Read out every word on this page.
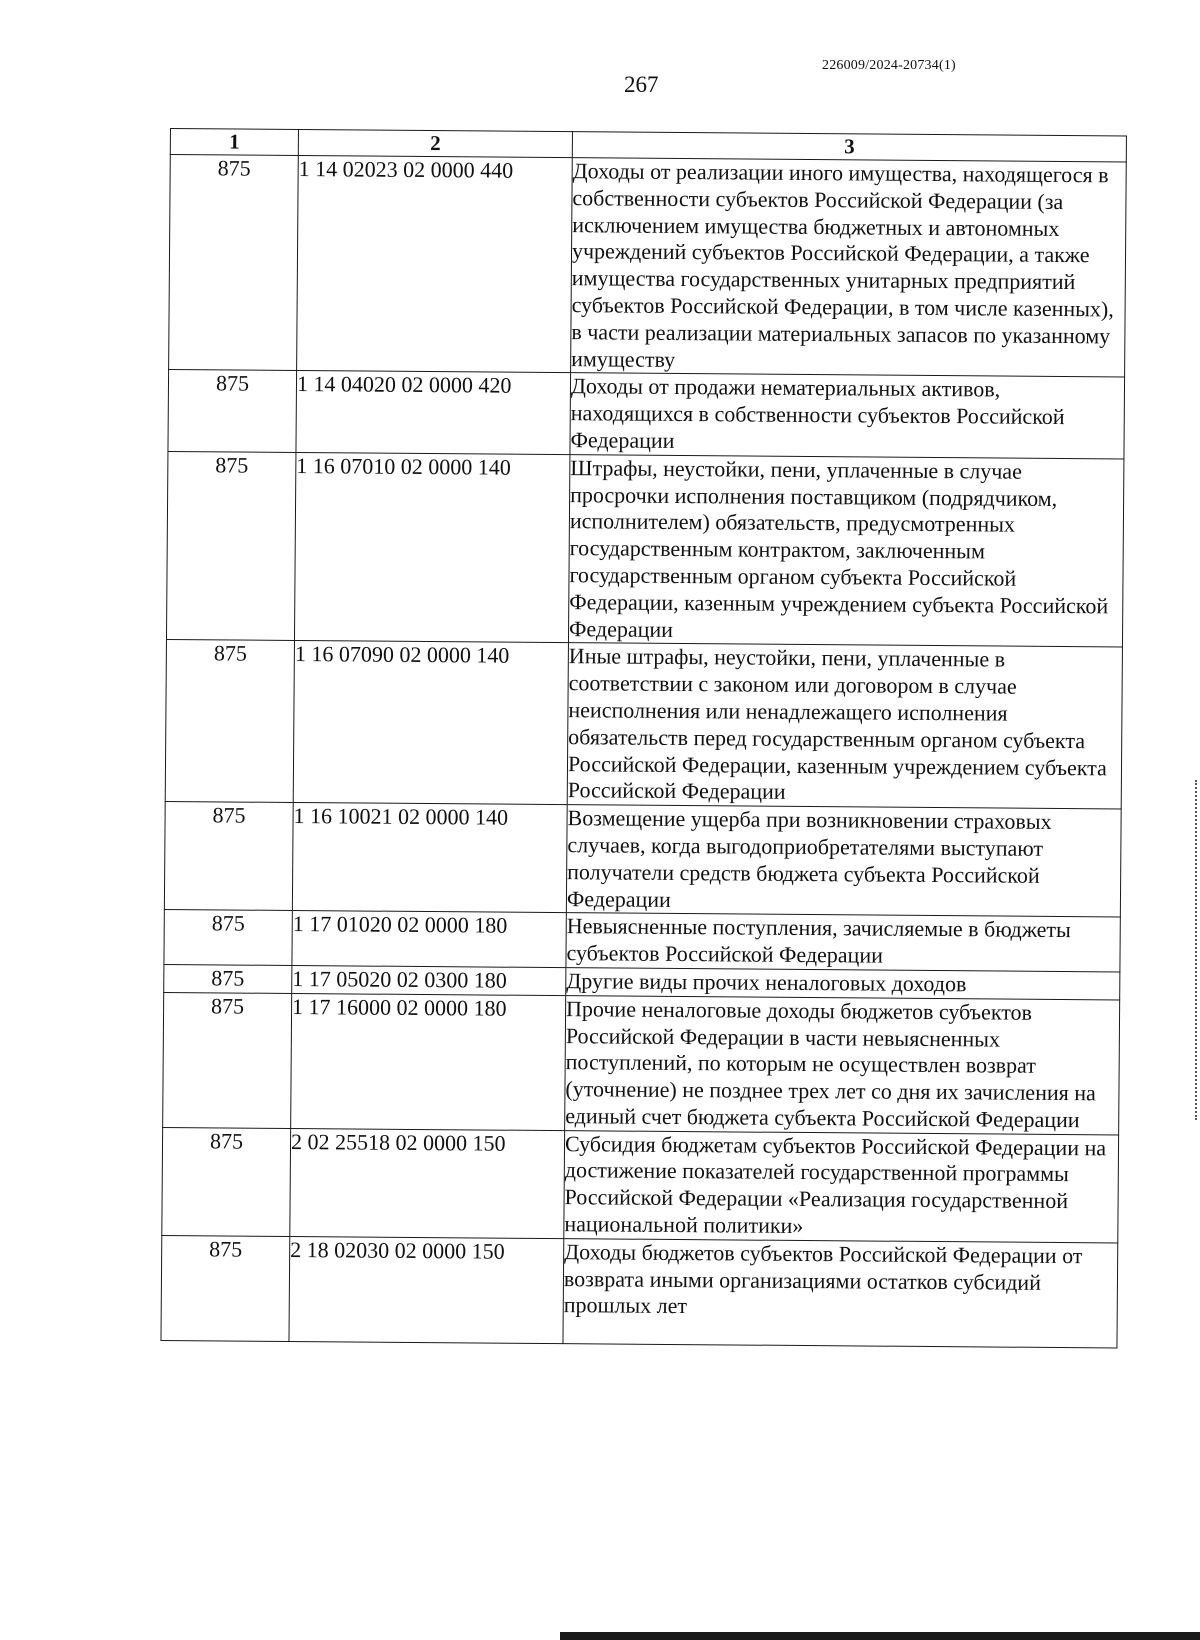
226009/2024-20734(1)
267
1	2	3
875	1 14 02023 02 0000 440	Доходы от реализации иного имущества, находящегося в собственности субъектов Российской Федерации (за исключением имущества бюджетных и автономных учреждений субъектов Российской Федерации, а также имущества государственных унитарных предприятий субъектов Российской Федерации, в том числе казенных), в части реализации материальных запасов по указанному имуществу
875	1 14 04020 02 0000 420	Доходы от продажи нематериальных активов, находящихся в собственности субъектов Российской Федерации
875	1 16 07010 02 0000 140	Штрафы, неустойки, пени, уплаченные в случае просрочки исполнения поставщиком (подрядчиком, исполнителем) обязательств, предусмотренных государственным контрактом, заключенным государственным органом субъекта Российской Федерации, казенным учреждением субъекта Российской Федерации
875	1 16 07090 02 0000 140	Иные штрафы, неустойки, пени, уплаченные в соответствии с законом или договором в случае неисполнения или ненадлежащего исполнения обязательств перед государственным органом субъекта Российской Федерации, казенным учреждением субъекта Российской Федерации
875	1 16 10021 02 0000 140	Возмещение ущерба при возникновении страховых случаев, когда выгодоприобретателями выступают получатели средств бюджета субъекта Российской Федерации
875	1 17 01020 02 0000 180	Невыясненные поступления, зачисляемые в бюджеты субъектов Российской Федерации
875	1 17 05020 02 0300 180	Другие виды прочих неналоговых доходов
875	1 17 16000 02 0000 180	Прочие неналоговые доходы бюджетов субъектов Российской Федерации в части невыясненных поступлений, по которым не осуществлен возврат (уточнение) не позднее трех лет со дня их зачисления на единый счет бюджета субъекта Российской Федерации
875	2 02 25518 02 0000 150	Субсидия бюджетам субъектов Российской Федерации на достижение показателей государственной программы Российской Федерации «Реализация государственной национальной политики»
875	2 18 02030 02 0000 150	Доходы бюджетов субъектов Российской Федерации от возврата иными организациями остатков субсидий прошлых лет
